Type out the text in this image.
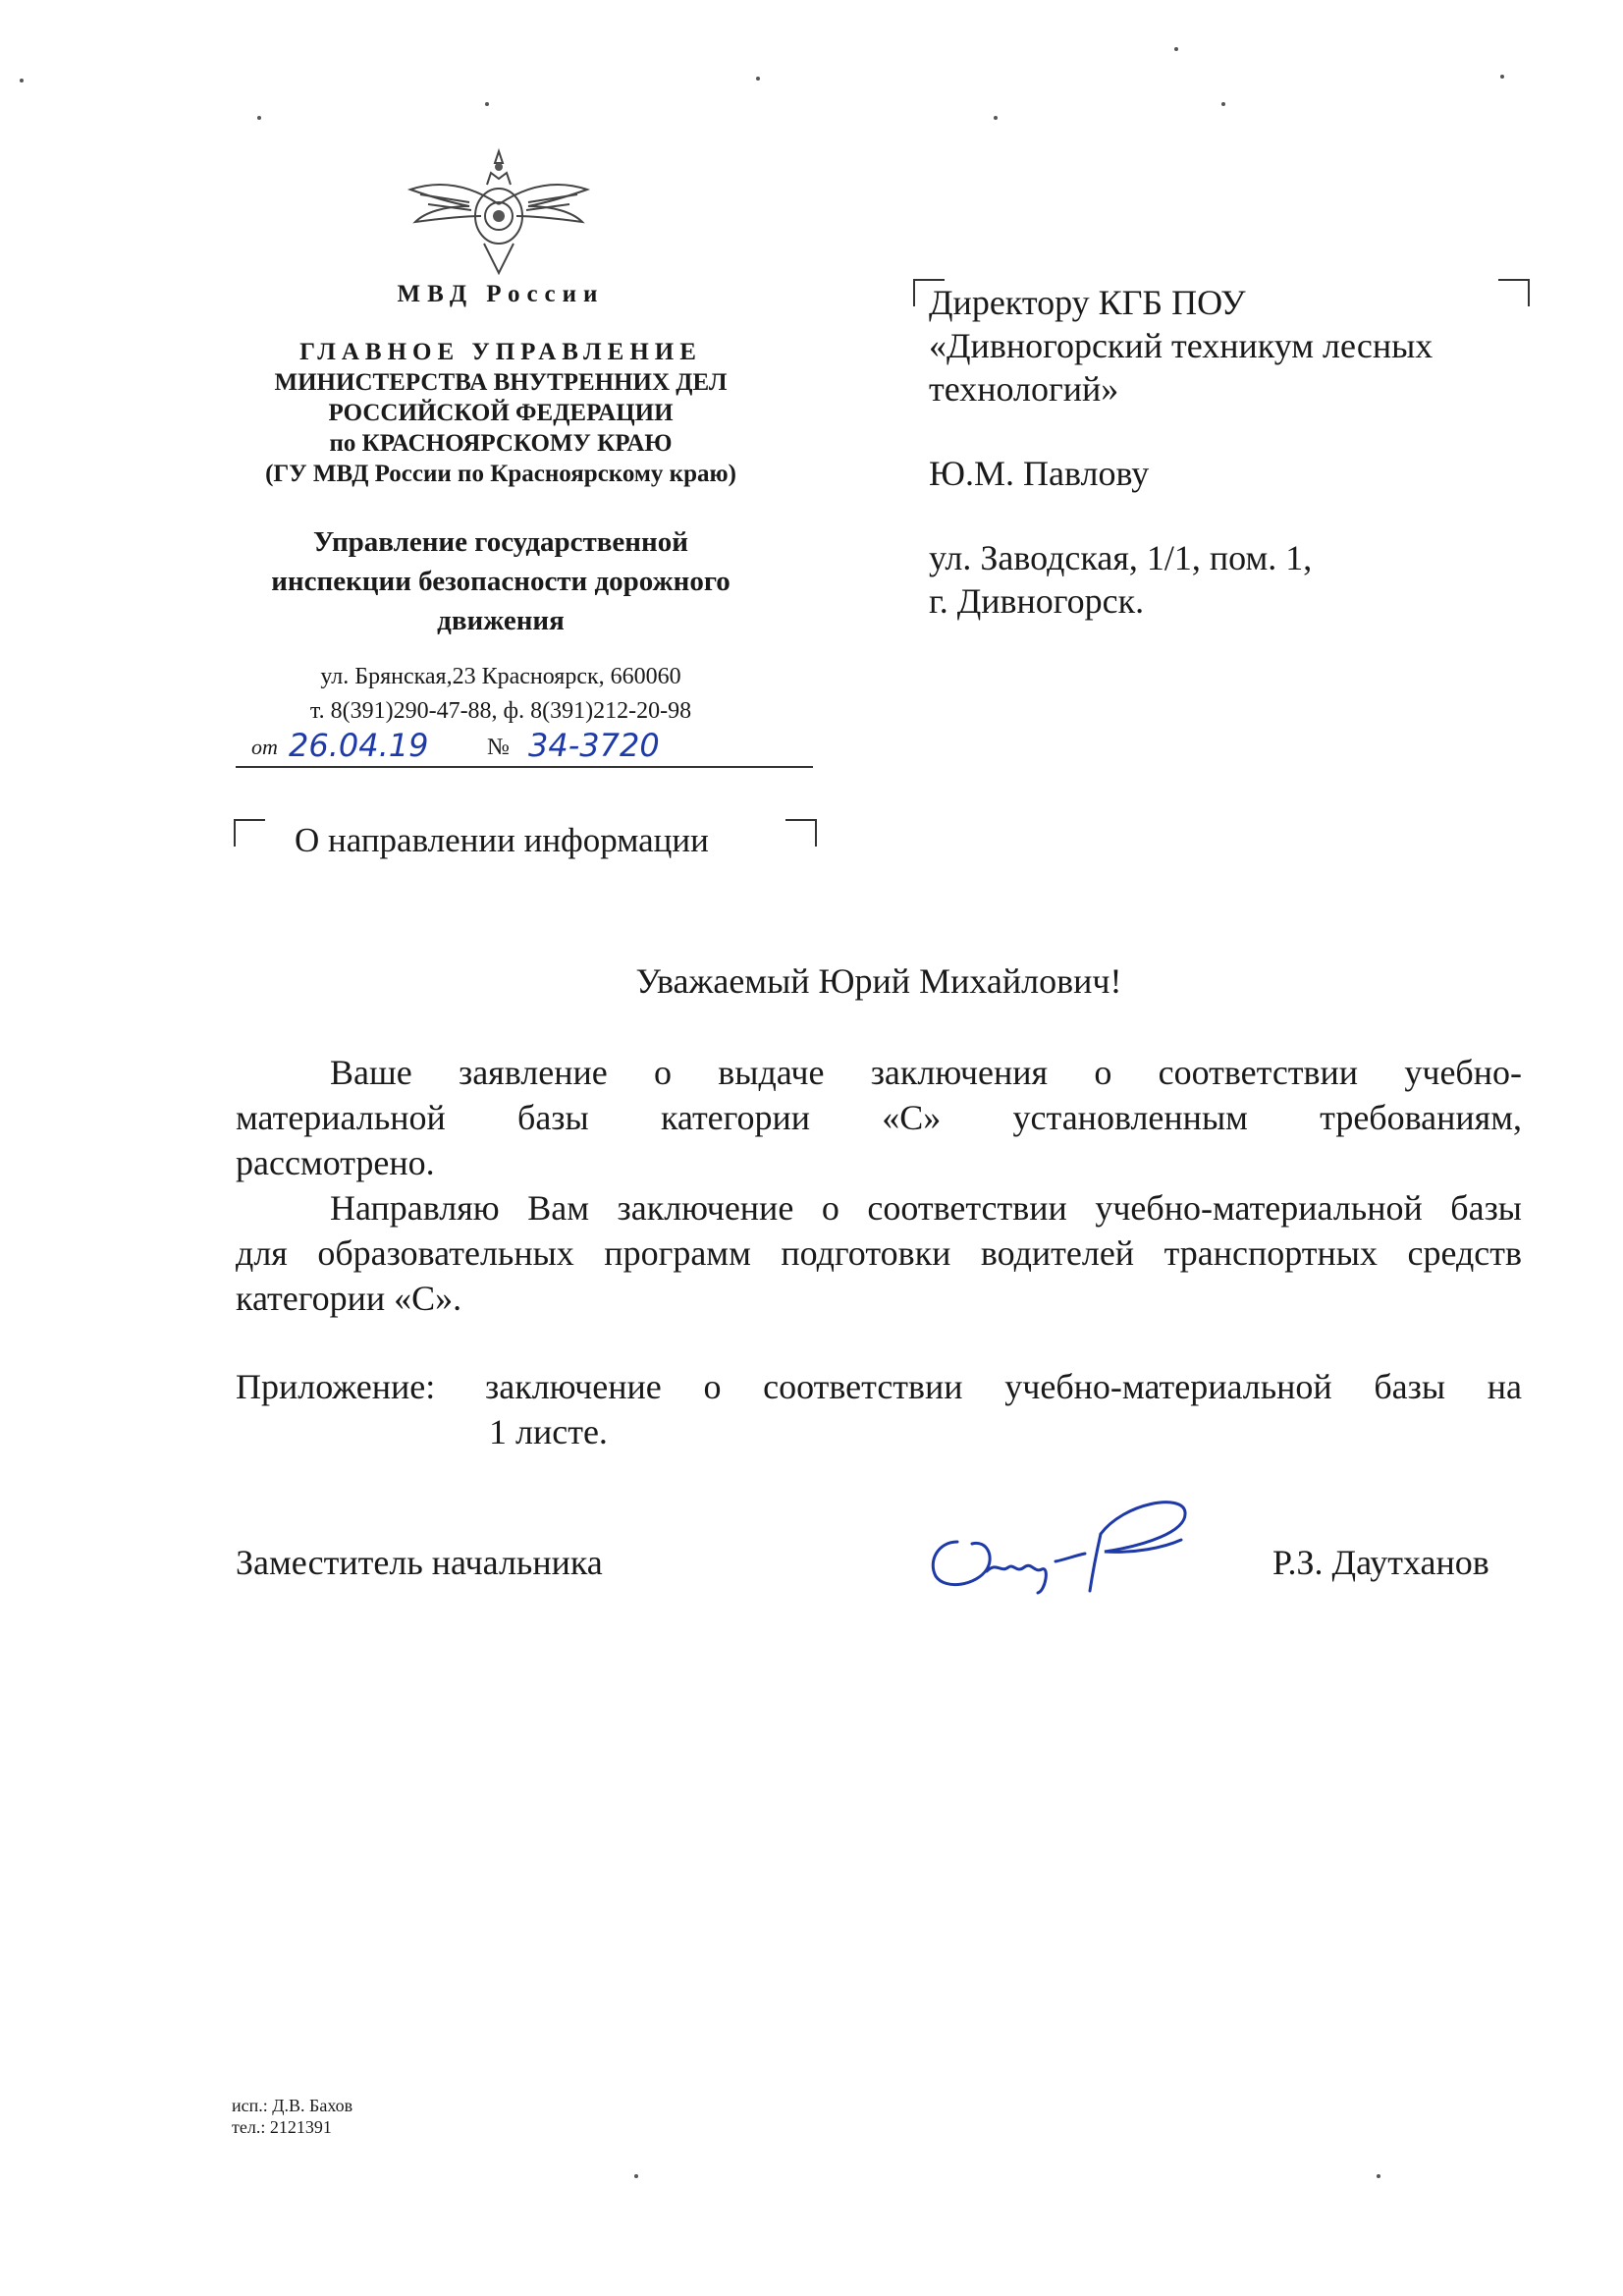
МВД России
ГЛАВНОЕ УПРАВЛЕНИЕ
МИНИСТЕРСТВА ВНУТРЕННИХ ДЕЛ
РОССИЙСКОЙ ФЕДЕРАЦИИ
по КРАСНОЯРСКОМУ КРАЮ
(ГУ МВД России по Красноярскому краю)
Управление государственной
инспекции безопасности дорожного
движения
ул. Брянская,23 Красноярск, 660060
т. 8(391)290-47-88, ф. 8(391)212-20-98
от 26.04.19 № 34-3720
О направлении информации
Директору КГБ ПОУ
«Дивногорский техникум лесных
технологий»
Ю.М. Павлову
ул. Заводская, 1/1, пом. 1,
г. Дивногорск.
Уважаемый Юрий Михайлович!
Ваше заявление о выдаче заключения о соответствии учебно-
материальной базы категории «С» установленным требованиям,
рассмотрено.
Направляю Вам заключение о соответствии учебно-материальной базы
для образовательных программ подготовки водителей транспортных средств
категории «С».
Приложение: заключение о соответствии учебно-материальной базы на
1 листе.
Заместитель начальника	Р.З. Даутханов
исп.: Д.В. Бахов
тел.: 2121391
